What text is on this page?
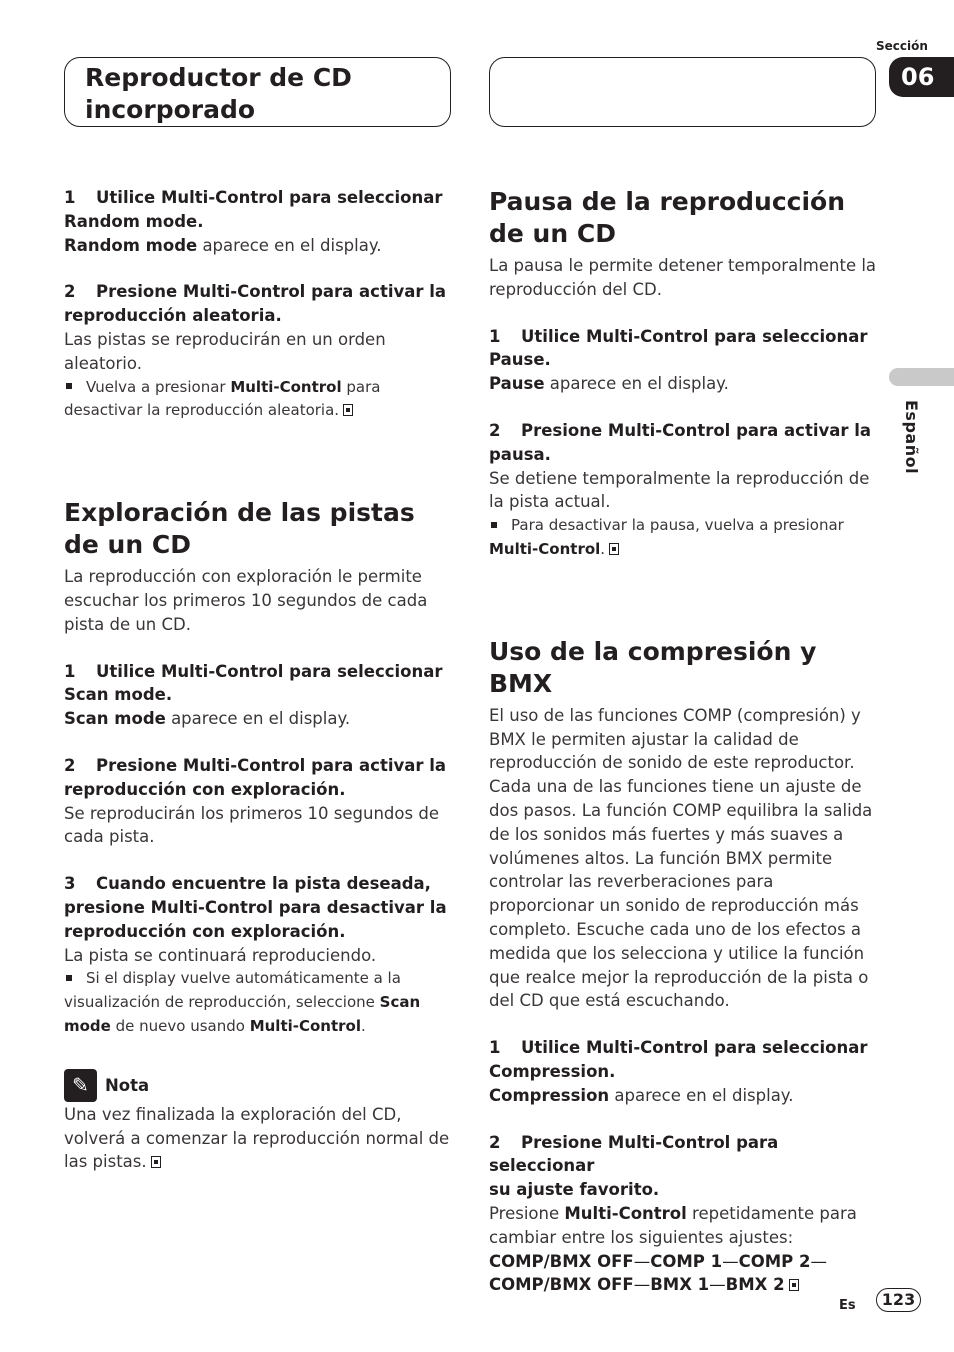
Reproductor de CD
incorporado
Sección
06
Español

1 Utilice Multi-Control para seleccionar
Random mode.

Random mode aparece en el display.

2 Presione Multi-Control para activar la
reproducción aleatoria.

Las pistas se reproducirán en un orden aleatorio.

Vuelva a presionar Multi-Control para desactivar la reproducción aleatoria.

Exploración de las pistas de un CD

La reproducción con exploración le permite escuchar los primeros 10 segundos de cada pista de un CD.

1 Utilice Multi-Control para seleccionar
Scan mode.

Scan mode aparece en el display.

2 Presione Multi-Control para activar la
reproducción con exploración.

Se reproducirán los primeros 10 segundos de cada pista.

3 Cuando encuentre la pista deseada,
presione Multi-Control para desactivar la
reproducción con exploración.

La pista se continuará reproduciendo.

Si el display vuelve automáticamente a la visualización de reproducción, seleccione Scan mode de nuevo usando Multi-Control.

✎ Nota

Una vez finalizada la exploración del CD, volverá a comenzar la reproducción normal de las pistas.

Pausa de la reproducción de un CD

La pausa le permite detener temporalmente la reproducción del CD.

1 Utilice Multi-Control para seleccionar
Pause.

Pause aparece en el display.

2 Presione Multi-Control para activar la
pausa.

Se detiene temporalmente la reproducción de la pista actual.

Para desactivar la pausa, vuelva a presionar Multi-Control.

Uso de la compresión y BMX

El uso de las funciones COMP (compresión) y BMX le permiten ajustar la calidad de reproducción de sonido de este reproductor. Cada una de las funciones tiene un ajuste de dos pasos. La función COMP equilibra la salida de los sonidos más fuertes y más suaves a volúmenes altos. La función BMX permite controlar las reverberaciones para proporcionar un sonido de reproducción más completo. Escuche cada uno de los efectos a medida que los selecciona y utilice la función que realce mejor la reproducción de la pista o del CD que está escuchando.

1 Utilice Multi-Control para seleccionar
Compression.

Compression aparece en el display.

2 Presione Multi-Control para seleccionar
su ajuste favorito.

Presione Multi-Control repetidamente para cambiar entre los siguientes ajustes:

COMP/BMX OFF—COMP 1—COMP 2—
COMP/BMX OFF—BMX 1—BMX 2

Es	123
